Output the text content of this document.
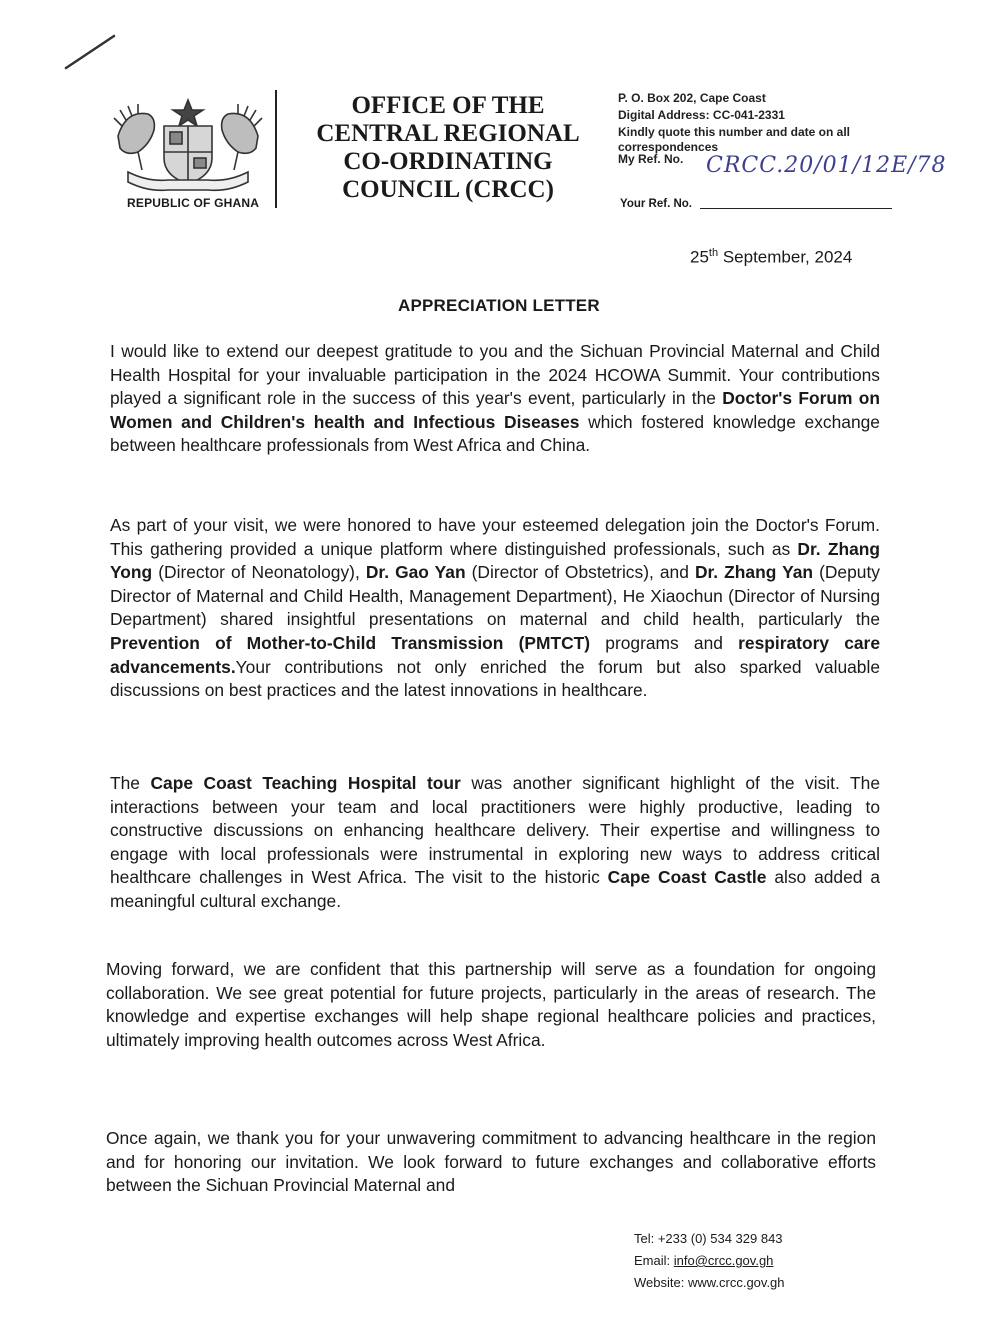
REPUBLIC OF GHANA
OFFICE OF THE
CENTRAL REGIONAL
CO-ORDINATING
COUNCIL (CRCC)
P. O. Box 202, Cape Coast
Digital Address: CC-041-2331
Kindly quote this number and date on all
correspondences
My Ref. No.	CRCC.20/01/12E/78
Your Ref. No.
25th September, 2024
APPRECIATION LETTER
I would like to extend our deepest gratitude to you and the Sichuan Provincial Maternal and Child Health Hospital for your invaluable participation in the 2024 HCOWA Summit. Your contributions played a significant role in the success of this year's event, particularly in the Doctor's Forum on Women and Children's health and Infectious Diseases which fostered knowledge exchange between healthcare professionals from West Africa and China.
As part of your visit, we were honored to have your esteemed delegation join the Doctor's Forum. This gathering provided a unique platform where distinguished professionals, such as Dr. Zhang Yong (Director of Neonatology), Dr. Gao Yan (Director of Obstetrics), and Dr. Zhang Yan (Deputy Director of Maternal and Child Health, Management Department), He Xiaochun (Director of Nursing Department) shared insightful presentations on maternal and child health, particularly the Prevention of Mother-to-Child Transmission (PMTCT) programs and respiratory care advancements.Your contributions not only enriched the forum but also sparked valuable discussions on best practices and the latest innovations in healthcare.
The Cape Coast Teaching Hospital tour was another significant highlight of the visit. The interactions between your team and local practitioners were highly productive, leading to constructive discussions on enhancing healthcare delivery. Their expertise and willingness to engage with local professionals were instrumental in exploring new ways to address critical healthcare challenges in West Africa. The visit to the historic Cape Coast Castle also added a meaningful cultural exchange.
Moving forward, we are confident that this partnership will serve as a foundation for ongoing collaboration. We see great potential for future projects, particularly in the areas of research. The knowledge and expertise exchanges will help shape regional healthcare policies and practices, ultimately improving health outcomes across West Africa.
Once again, we thank you for your unwavering commitment to advancing healthcare in the region and for honoring our invitation. We look forward to future exchanges and collaborative efforts between the Sichuan Provincial Maternal and
Tel: +233 (0) 534 329 843
Email: info@crcc.gov.gh
Website: www.crcc.gov.gh
